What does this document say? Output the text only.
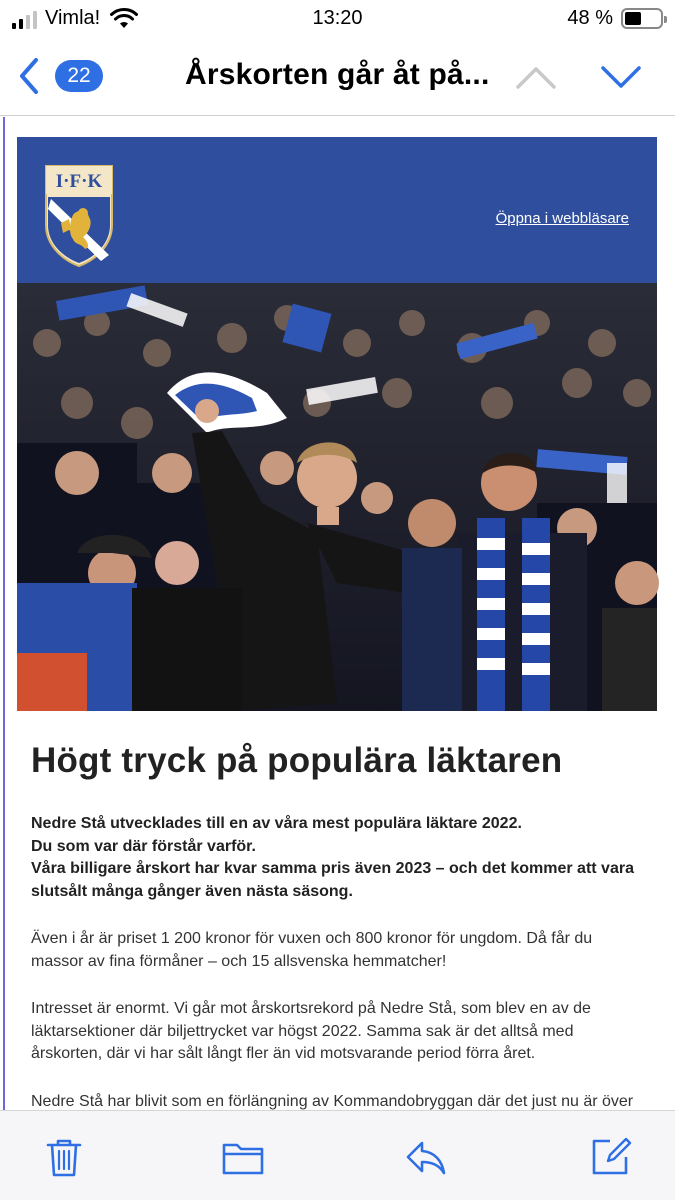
Vimla!	13:20	48 %
22	Årskorten går åt på...
I·F·K
Öppna i webbläsare
Högt tryck på populära läktaren

Nedre Stå utvecklades till en av våra mest populära läktare 2022.
Du som var där förstår varför.
Våra billigare årskort har kvar samma pris även 2023 – och det kommer att vara slutsålt många gånger även nästa säsong.

Även i år är priset 1 200 kronor för vuxen och 800 kronor för ungdom. Då får du massor av fina förmåner – och 15 allsvenska hemmatcher!

Intresset är enormt. Vi går mot årskortsrekord på Nedre Stå, som blev en av de läktarsektioner där biljettrycket var högst 2022. Samma sak är det alltså med årskorten, där vi har sålt långt fler än vid motsvarande period förra året.

Nedre Stå har blivit som en förlängning av Kommandobryggan där det just nu är över
